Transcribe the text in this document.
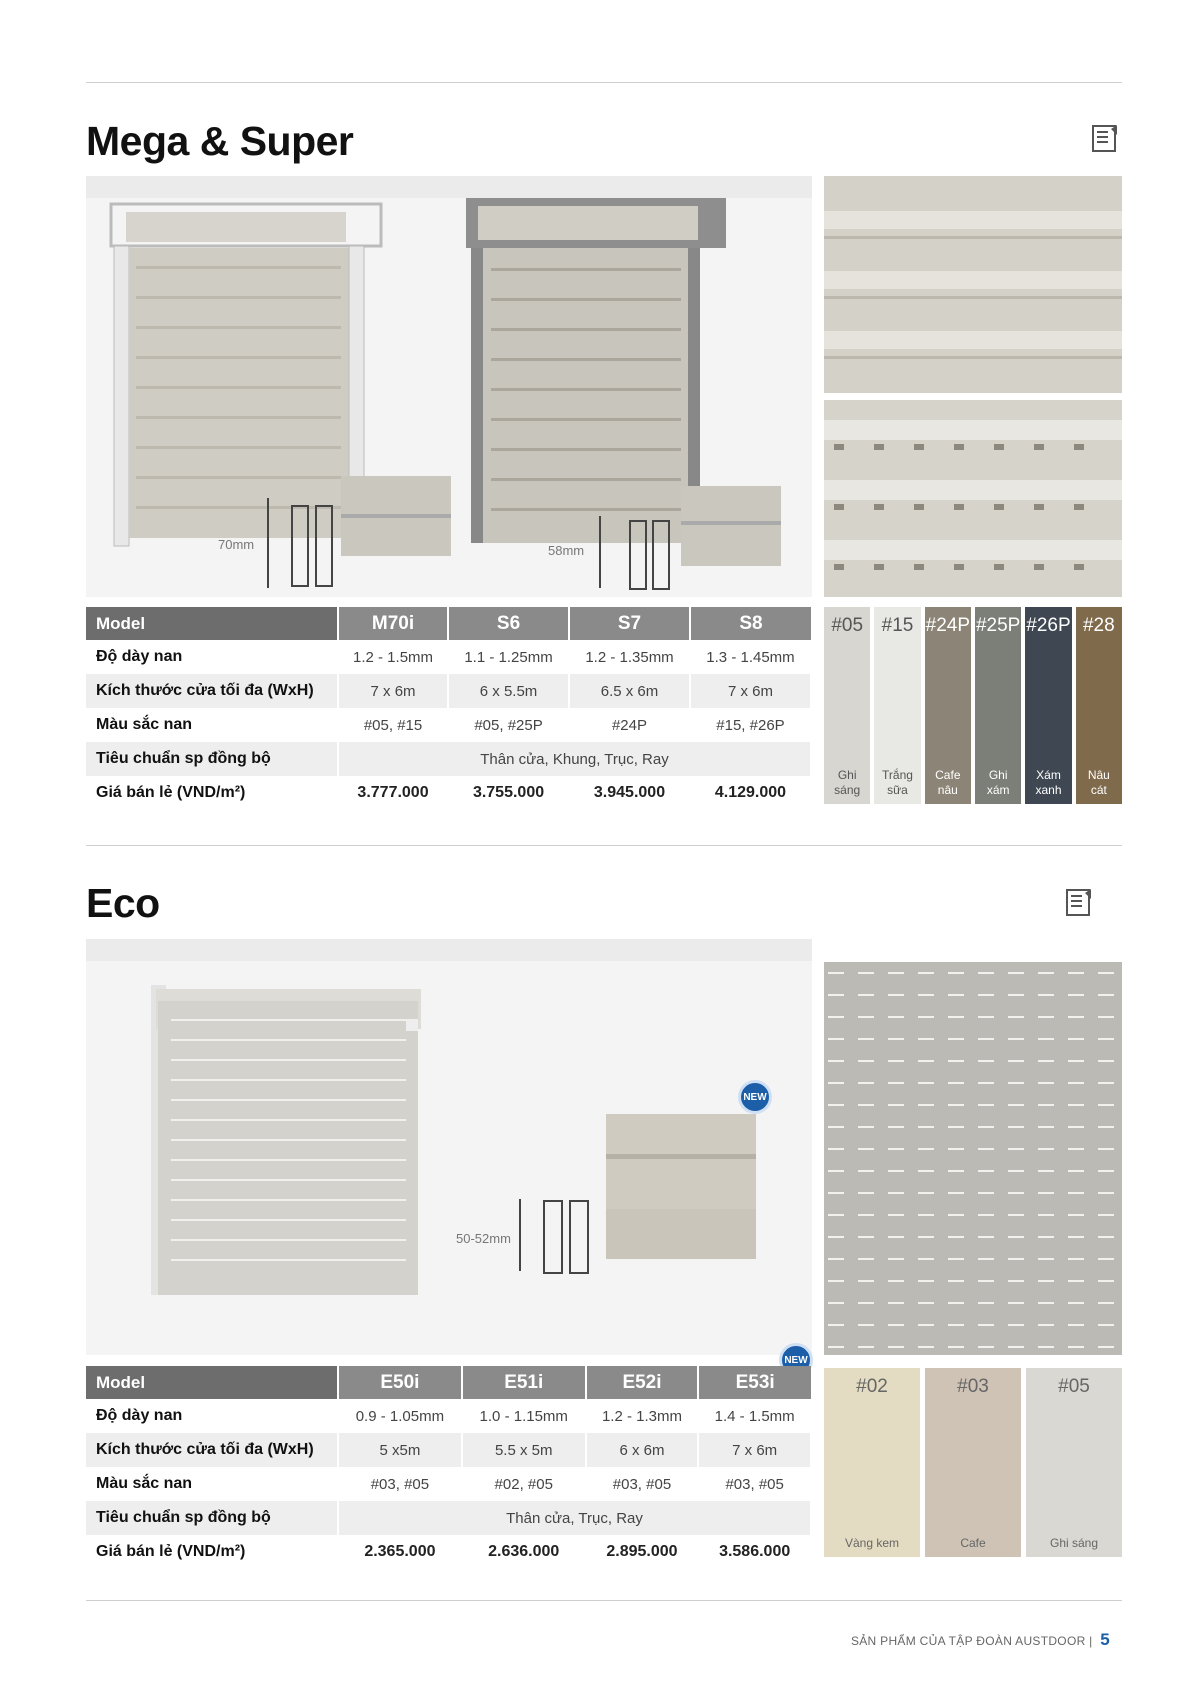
Mega & Super
70mm	58mm
Model	M70i	S6	S7	S8
Độ dày nan	1.2 - 1.5mm	1.1 - 1.25mm	1.2 - 1.35mm	1.3 - 1.45mm
Kích thước cửa tối đa (WxH)	7 x 6m	6 x 5.5m	6.5 x 6m	7 x 6m
Màu sắc nan	#05, #15	#05, #25P	#24P	#15, #26P
Tiêu chuẩn sp đồng bộ	Thân cửa, Khung, Trục, Ray			
Giá bán lẻ (VND/m²)	3.777.000	3.755.000	3.945.000	4.129.000
#05
Ghi sáng
#15
Trắng sữa
#24P
Cafe nâu
#25P
Ghi xám
#26P
Xám xanh
#28
Nâu cát
Eco
50-52mm
NEW
NEW
Model	E50i	E51i	E52i	E53i
Độ dày nan	0.9 - 1.05mm	1.0 - 1.15mm	1.2 - 1.3mm	1.4 - 1.5mm
Kích thước cửa tối đa (WxH)	5 x5m	5.5 x 5m	6 x 6m	7 x 6m
Màu sắc nan	#03, #05	#02, #05	#03, #05	#03, #05
Tiêu chuẩn sp đồng bộ	Thân cửa, Trục, Ray			
Giá bán lẻ (VND/m²)	2.365.000	2.636.000	2.895.000	3.586.000
#02
Vàng kem
#03
Cafe
#05
Ghi sáng
SẢN PHẨM CỦA TẬP ĐOÀN AUSTDOOR | 5
